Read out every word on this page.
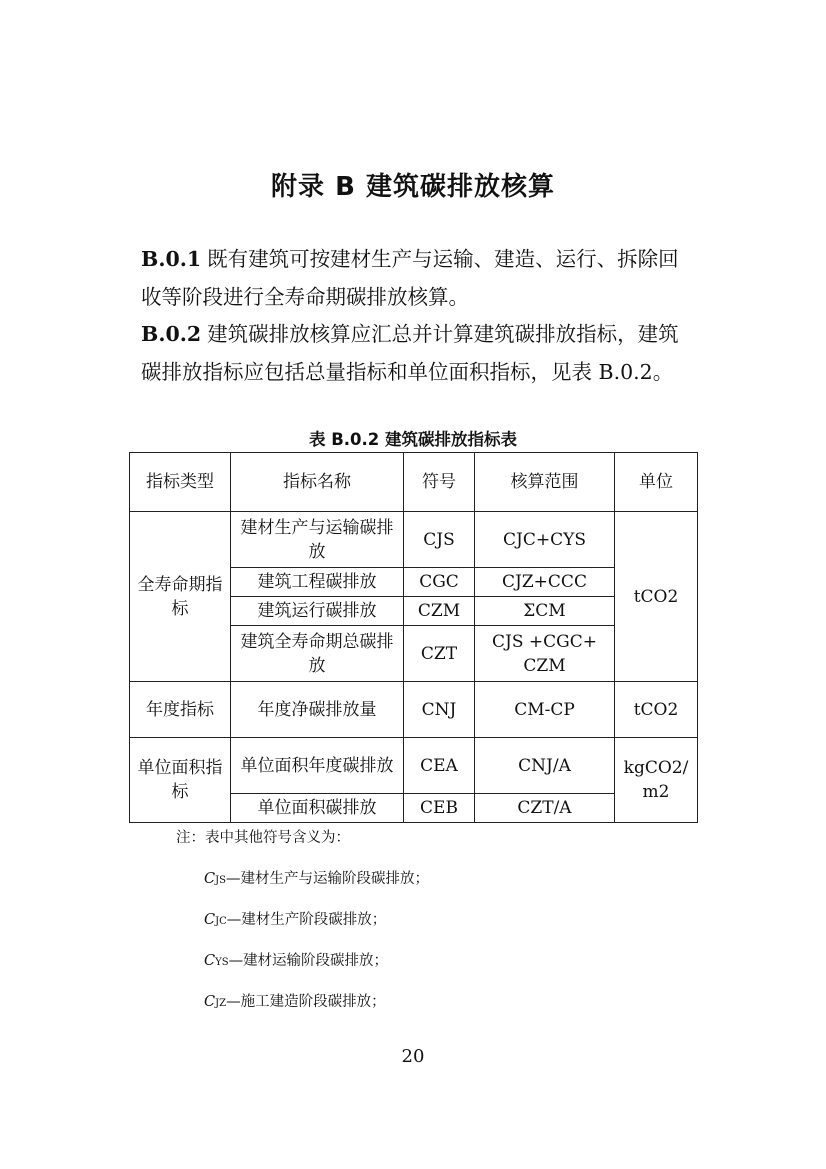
附录 B 建筑碳排放核算
B.0.1 既有建筑可按建材生产与运输、建造、运行、拆除回收等阶段进行全寿命期碳排放核算。
B.0.2 建筑碳排放核算应汇总并计算建筑碳排放指标，建筑碳排放指标应包括总量指标和单位面积指标，见表 B.0.2。
表 B.0.2 建筑碳排放指标表
指标类型	指标名称	符号	核算范围	单位
全寿命期指标	建材生产与运输碳排放	CJS	CJC+CYS	tCO2
	建筑工程碳排放	CGC	CJZ+CCC	
	建筑运行碳排放	CZM	ΣCM	
	建筑全寿命期总碳排放	CZT	CJS +CGC+ CZM	
年度指标	年度净碳排放量	CNJ	CM-CP	tCO2
单位面积指标	单位面积年度碳排放	CEA	CNJ/A	kgCO2/ m2
	单位面积碳排放	CEB	CZT/A	
注：表中其他符号含义为：
CJS—建材生产与运输阶段碳排放；
CJC—建材生产阶段碳排放；
CYS—建材运输阶段碳排放；
CJZ—施工建造阶段碳排放；
20
